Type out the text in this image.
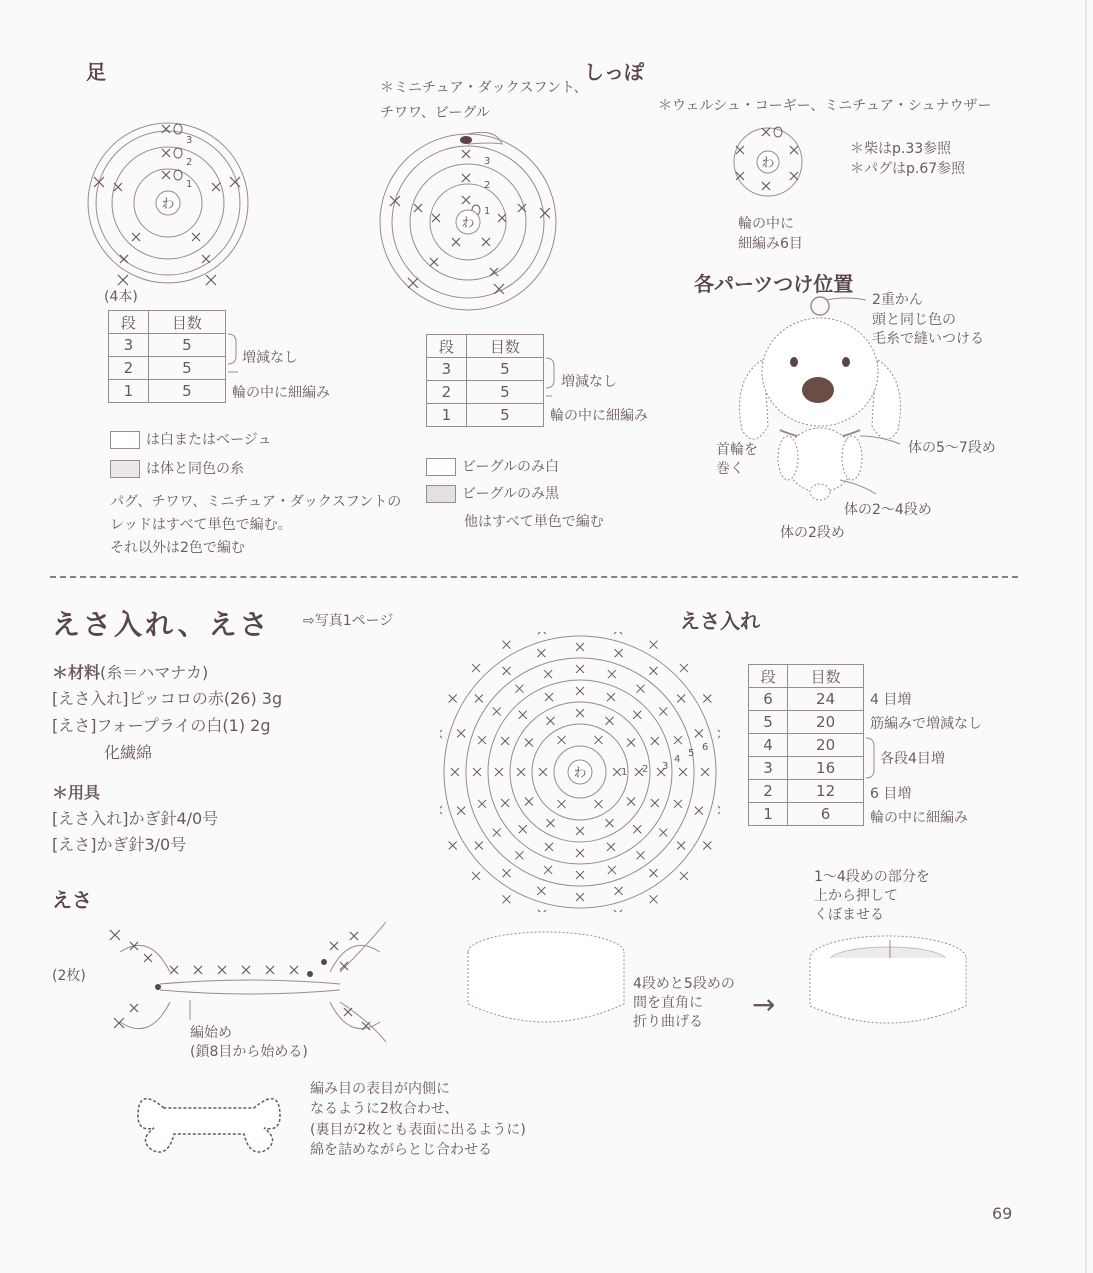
足
わ
1
2
3
(4本)
段	目数
3	5
2	5
1	5
増減なし
輪の中に細編み
は白またはベージュ
は体と同色の糸
パグ、チワワ、ミニチュア・ダックスフントの
レッドはすべて単色で編む。
それ以外は2色で編む
しっぽ
＊ミニチュア・ダックスフント、
チワワ、ビーグル	＊ウェルシュ・コーギー、ミニチュア・シュナウザー
わ
1
2
3
段	目数
3	5
2	5
1	5
増減なし
輪の中に細編み
ビーグルのみ白
ビーグルのみ黒
他はすべて単色で編む
わ
輪の中に
細編み6目
＊柴はp.33参照
＊パグはp.67参照
各パーツつけ位置
2重かん
頭と同じ色の
毛糸で縫いつける
首輪を
巻く
体の5〜7段め
体の2〜4段め
体の2段め
えさ入れ、えさ ⇨写真1ページ
＊材料(糸＝ハマナカ)
[えさ入れ]ピッコロの赤(26) 3g
[えさ]フォープライの白(1) 2g
化繊綿
＊用具
[えさ入れ]かぎ針4/0号
[えさ]かぎ針3/0号
えさ
(2枚)
編始め
(鎖8目から始める)
編み目の表目が内側に
なるように2枚合わせ、
(裏目が2枚とも表面に出るように)
綿を詰めながらとじ合わせる
えさ入れ
わ	1 2 3
4
5
6
段	目数
6	24
5	20
4	20
3	16
2	12
1	6
4 目増
筋編みで増減なし
各段4目増
6 目増
輪の中に細編み
4段めと5段めの
間を直角に
折り曲げる
→
1〜4段めの部分を
上から押して
くぼませる
69
